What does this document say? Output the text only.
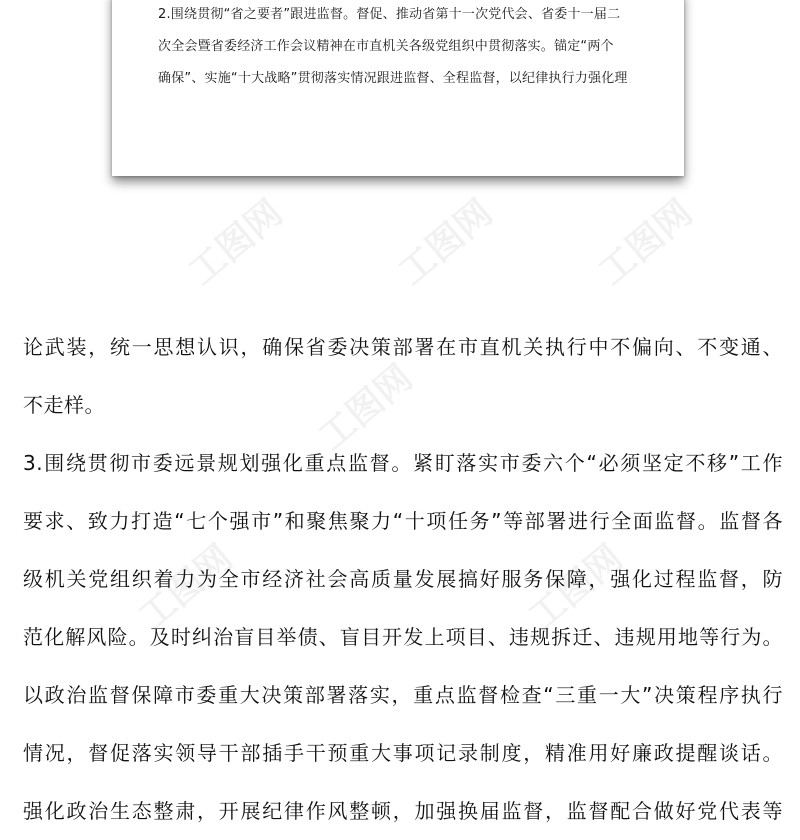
2.围绕贯彻“省之要者”跟进监督。督促、推动省第十一次党代会、省委十一届二
次全会暨省委经济工作会议精神在市直机关各级党组织中贯彻落实。锚定“两个
确保”、实施“十大战略”贯彻落实情况跟进监督、全程监督，以纪律执行力强化理
工图网	工图网	工图网
工图网
工图网	工图网
论武装，统一思想认识，确保省委决策部署在市直机关执行中不偏向、不变通、
不走样。
3.围绕贯彻市委远景规划强化重点监督。紧盯落实市委六个“必须坚定不移”工作
要求、致力打造“七个强市”和聚焦聚力“十项任务”等部署进行全面监督。监督各
级机关党组织着力为全市经济社会高质量发展搞好服务保障，强化过程监督，防
范化解风险。及时纠治盲目举债、盲目开发上项目、违规拆迁、违规用地等行为。
以政治监督保障市委重大决策部署落实，重点监督检查“三重一大”决策程序执行
情况，督促落实领导干部插手干预重大事项记录制度，精准用好廉政提醒谈话。
强化政治生态整肃，开展纪律作风整顿，加强换届监督，监督配合做好党代表等
